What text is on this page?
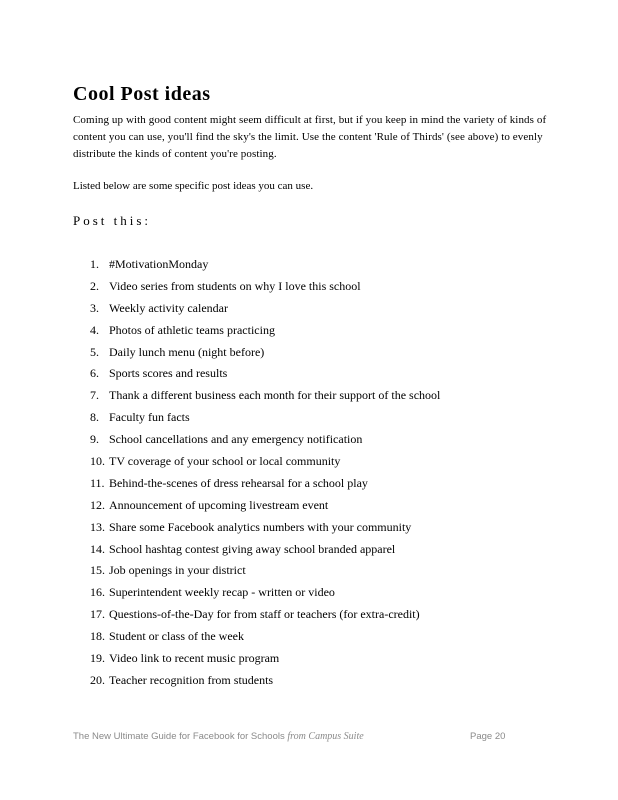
Cool Post ideas

Coming up with good content might seem difficult at first, but if you keep in mind the variety of kinds of content you can use, you'll find the sky's the limit. Use the content 'Rule of Thirds' (see above) to evenly distribute the kinds of content you're posting.

Listed below are some specific post ideas you can use.

Post this:

1. #MotivationMonday
2. Video series from students on why I love this school
3. Weekly activity calendar
4. Photos of athletic teams practicing
5. Daily lunch menu (night before)
6. Sports scores and results
7. Thank a different business each month for their support of the school
8. Faculty fun facts
9. School cancellations and any emergency notification
10. TV coverage of your school or local community
11. Behind-the-scenes of dress rehearsal for a school play
12. Announcement of upcoming livestream event
13. Share some Facebook analytics numbers with your community
14. School hashtag contest giving away school branded apparel
15. Job openings in your district
16. Superintendent weekly recap - written or video
17. Questions-of-the-Day for from staff or teachers (for extra-credit)
18. Student or class of the week
19. Video link to recent music program
20. Teacher recognition from students

The New Ultimate Guide for Facebook for Schools from Campus Suite	Page 20
